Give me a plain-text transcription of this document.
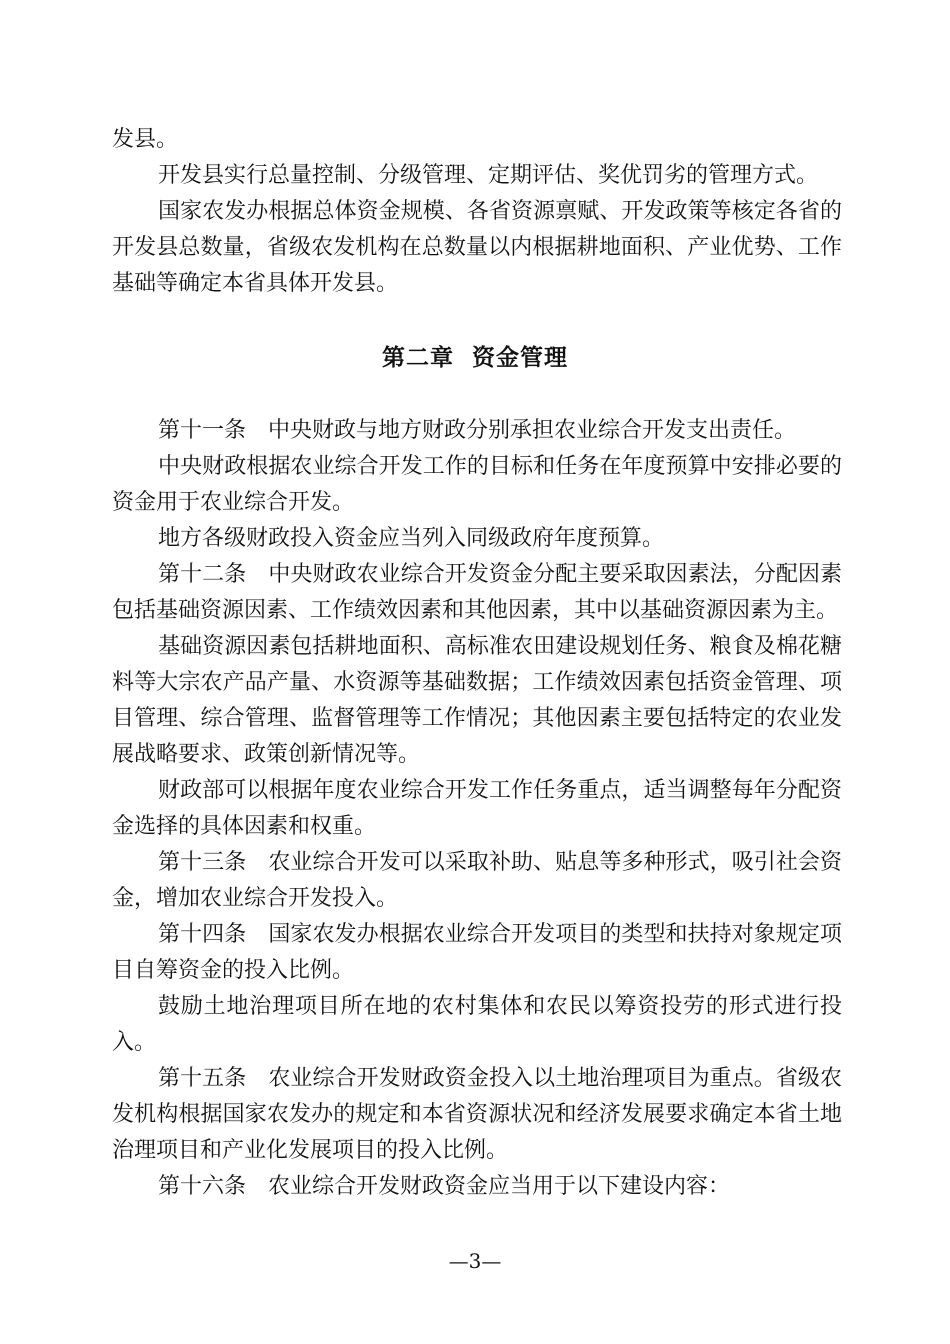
发县。

开发县实行总量控制、分级管理、定期评估、奖优罚劣的管理方式。

国家农发办根据总体资金规模、各省资源禀赋、开发政策等核定各省的开发县总数量，省级农发机构在总数量以内根据耕地面积、产业优势、工作基础等确定本省具体开发县。

第二章  资金管理

第十一条　中央财政与地方财政分别承担农业综合开发支出责任。

中央财政根据农业综合开发工作的目标和任务在年度预算中安排必要的资金用于农业综合开发。

地方各级财政投入资金应当列入同级政府年度预算。

第十二条　中央财政农业综合开发资金分配主要采取因素法，分配因素包括基础资源因素、工作绩效因素和其他因素，其中以基础资源因素为主。

基础资源因素包括耕地面积、高标准农田建设规划任务、粮食及棉花糖料等大宗农产品产量、水资源等基础数据；工作绩效因素包括资金管理、项目管理、综合管理、监督管理等工作情况；其他因素主要包括特定的农业发展战略要求、政策创新情况等。

财政部可以根据年度农业综合开发工作任务重点，适当调整每年分配资金选择的具体因素和权重。

第十三条　农业综合开发可以采取补助、贴息等多种形式，吸引社会资金，增加农业综合开发投入。

第十四条　国家农发办根据农业综合开发项目的类型和扶持对象规定项目自筹资金的投入比例。

鼓励土地治理项目所在地的农村集体和农民以筹资投劳的形式进行投入。

第十五条　农业综合开发财政资金投入以土地治理项目为重点。省级农发机构根据国家农发办的规定和本省资源状况和经济发展要求确定本省土地治理项目和产业化发展项目的投入比例。

第十六条　农业综合开发财政资金应当用于以下建设内容：

—3—
